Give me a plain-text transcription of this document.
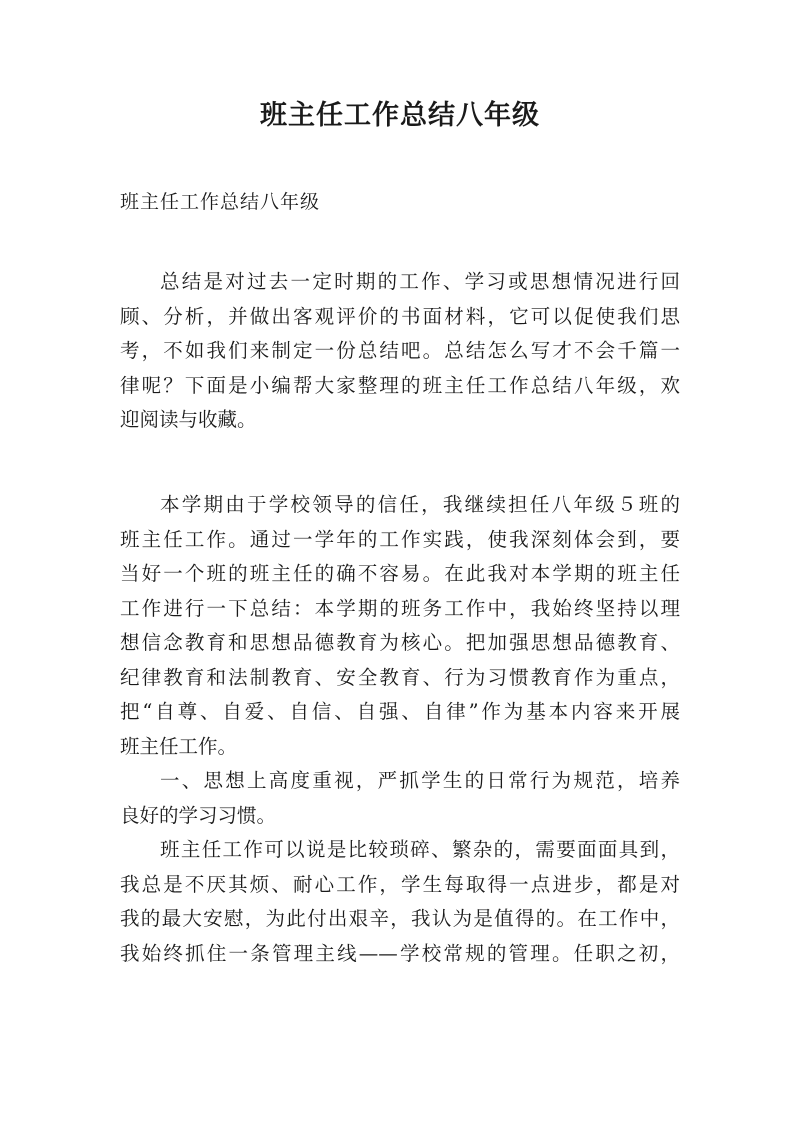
班主任工作总结八年级

班主任工作总结八年级

总结是对过去一定时期的工作、学习或思想情况进行回
顾、分析，并做出客观评价的书面材料，它可以促使我们思
考，不如我们来制定一份总结吧。总结怎么写才不会千篇一
律呢？下面是小编帮大家整理的班主任工作总结八年级，欢
迎阅读与收藏。
本学期由于学校领导的信任，我继续担任八年级５班的
班主任工作。通过一学年的工作实践，使我深刻体会到，要
当好一个班的班主任的确不容易。在此我对本学期的班主任
工作进行一下总结：本学期的班务工作中，我始终坚持以理
想信念教育和思想品德教育为核心。把加强思想品德教育、
纪律教育和法制教育、安全教育、行为习惯教育作为重点，
把“自尊、自爱、自信、自强、自律”作为基本内容来开展
班主任工作。
一、思想上高度重视，严抓学生的日常行为规范，培养
良好的学习习惯。
班主任工作可以说是比较琐碎、繁杂的，需要面面具到，
我总是不厌其烦、耐心工作，学生每取得一点进步，都是对
我的最大安慰，为此付出艰辛，我认为是值得的。在工作中，
我始终抓住一条管理主线——学校常规的管理。任职之初，
